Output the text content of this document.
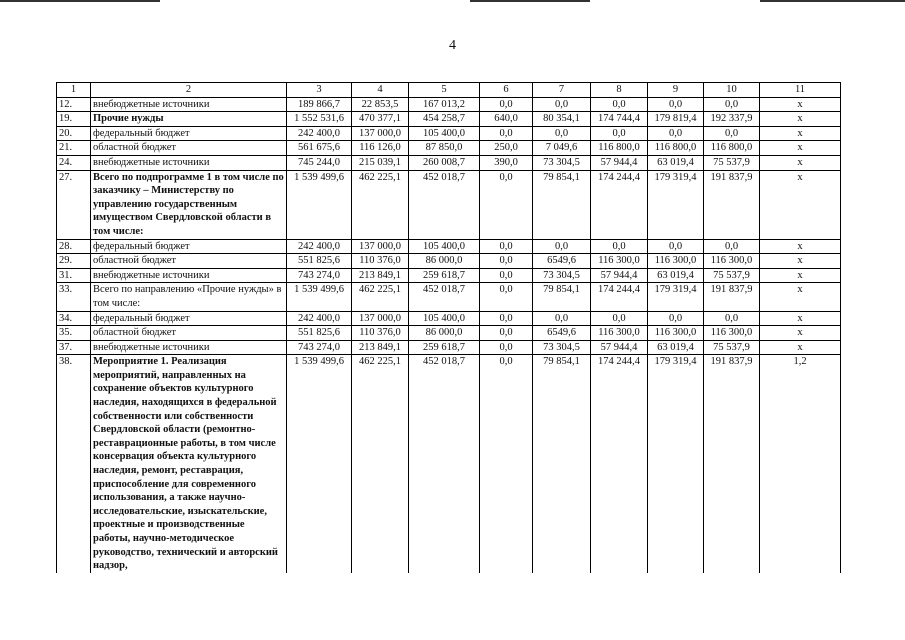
4
1	2	3	4	5	6	7	8	9	10	11
12.	внебюджетные источники	189 866,7	22 853,5	167 013,2	0,0	0,0	0,0	0,0	0,0	х
19.	Прочие нужды	1 552 531,6	470 377,1	454 258,7	640,0	80 354,1	174 744,4	179 819,4	192 337,9	х
20.	федеральный бюджет	242 400,0	137 000,0	105 400,0	0,0	0,0	0,0	0,0	0,0	х
21.	областной бюджет	561 675,6	116 126,0	87 850,0	250,0	7 049,6	116 800,0	116 800,0	116 800,0	х
24.	внебюджетные источники	745 244,0	215 039,1	260 008,7	390,0	73 304,5	57 944,4	63 019,4	75 537,9	х
27.	Всего по подпрограмме 1 в том числе по заказчику – Министерству по управлению государственным имуществом Свердловской области в том числе:	1 539 499,6	462 225,1	452 018,7	0,0	79 854,1	174 244,4	179 319,4	191 837,9	х
28.	федеральный бюджет	242 400,0	137 000,0	105 400,0	0,0	0,0	0,0	0,0	0,0	х
29.	областной бюджет	551 825,6	110 376,0	86 000,0	0,0	6549,6	116 300,0	116 300,0	116 300,0	х
31.	внебюджетные источники	743 274,0	213 849,1	259 618,7	0,0	73 304,5	57 944,4	63 019,4	75 537,9	х
33.	Всего по направлению «Прочие нужды» в том числе:	1 539 499,6	462 225,1	452 018,7	0,0	79 854,1	174 244,4	179 319,4	191 837,9	х
34.	федеральный бюджет	242 400,0	137 000,0	105 400,0	0,0	0,0	0,0	0,0	0,0	х
35.	областной бюджет	551 825,6	110 376,0	86 000,0	0,0	6549,6	116 300,0	116 300,0	116 300,0	х
37.	внебюджетные источники	743 274,0	213 849,1	259 618,7	0,0	73 304,5	57 944,4	63 019,4	75 537,9	х
38.	Мероприятие 1. Реализация мероприятий, направленных на сохранение объектов культурного наследия, находящихся в федеральной собственности или собственности Свердловской области (ремонтно-реставрационные работы, в том числе консервация объекта культурного наследия, ремонт, реставрация, приспособление для современного использования, а также научно-исследовательские, изыскательские, проектные и производственные работы, научно-методическое руководство, технический и авторский надзор,	1 539 499,6	462 225,1	452 018,7	0,0	79 854,1	174 244,4	179 319,4	191 837,9	1,2
